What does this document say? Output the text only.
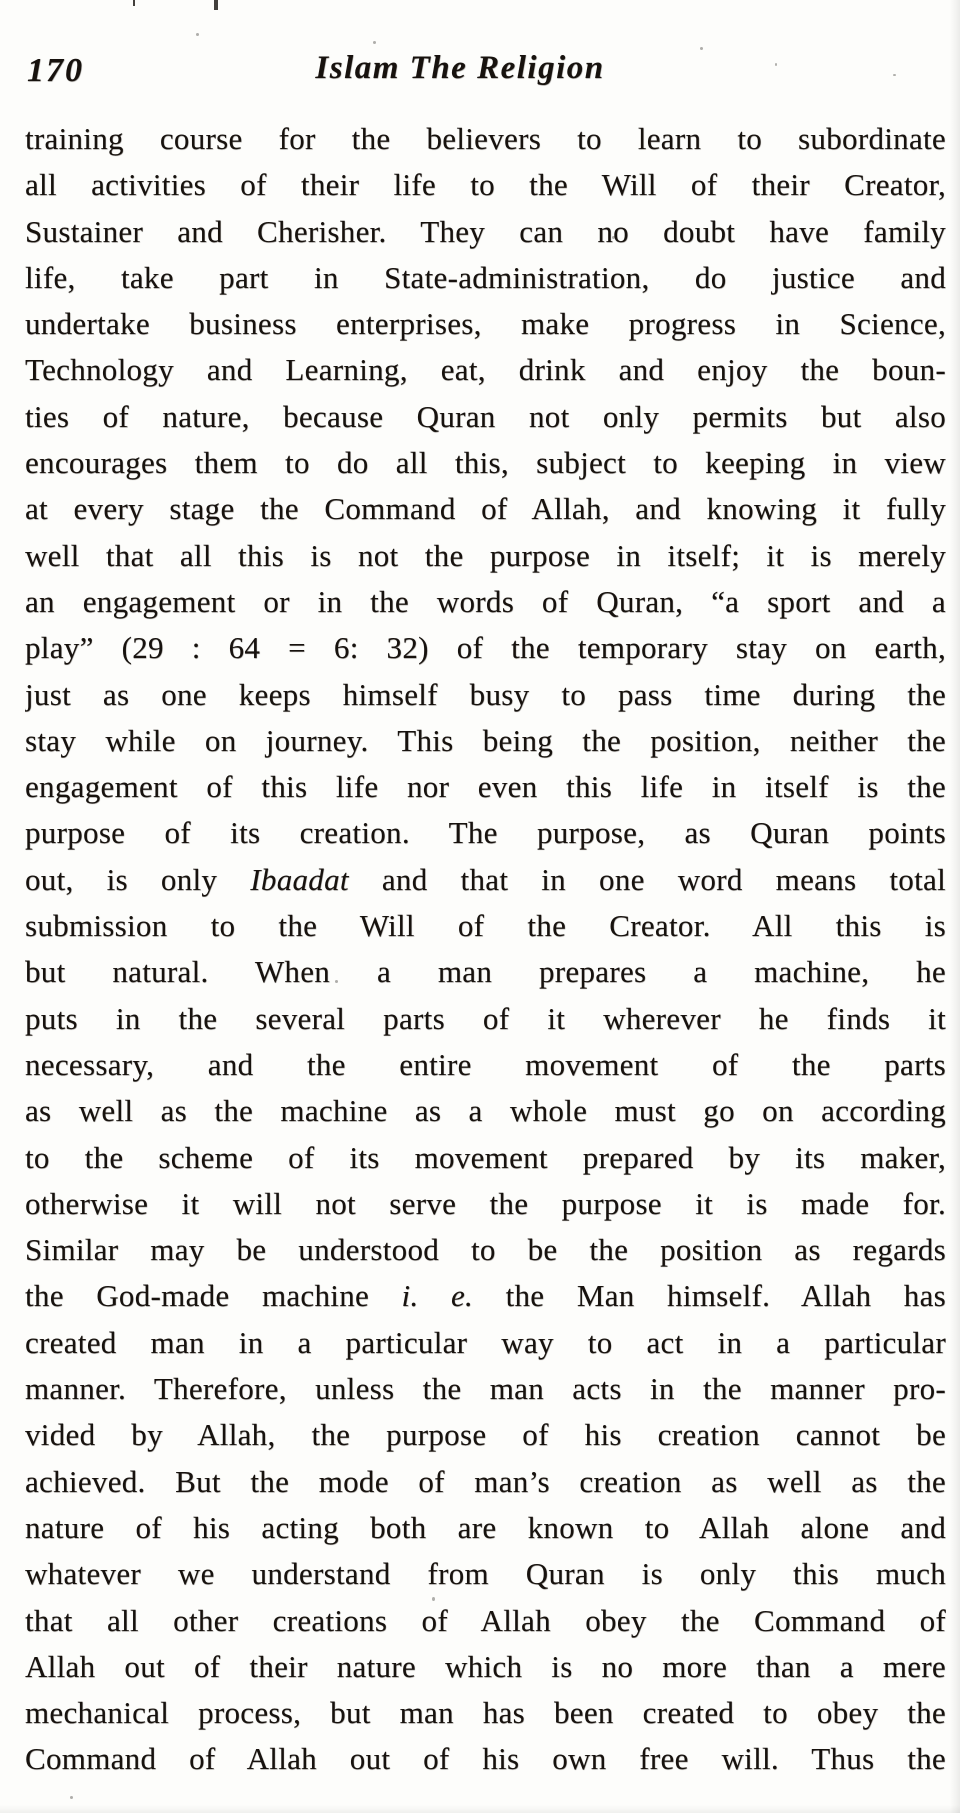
170	Islam The Religion
training course for the believers to learn to subordinate
all activities of their life to the Will of their Creator,
Sustainer and Cherisher. They can no doubt have family
life, take part in State-administration, do justice and
undertake business enterprises, make progress in Science,
Technology and Learning, eat, drink and enjoy the boun-
ties of nature, because Quran not only permits but also
encourages them to do all this, subject to keeping in view
at every stage the Command of Allah, and knowing it fully
well that all this is not the purpose in itself; it is merely
an engagement or in the words of Quran, “a sport and a
play” (29 : 64 = 6: 32) of the temporary stay on earth,
just as one keeps himself busy to pass time during the
stay while on journey. This being the position, neither the
engagement of this life nor even this life in itself is the
purpose of its creation. The purpose, as Quran points
out, is only Ibaadat and that in one word means total
submission to the Will of the Creator. All this is
but natural. When a man prepares a machine, he
puts in the several parts of it wherever he finds it
necessary, and the entire movement of the parts
as well as the machine as a whole must go on according
to the scheme of its movement prepared by its maker,
otherwise it will not serve the purpose it is made for.
Similar may be understood to be the position as regards
the God-made machine i. e. the Man himself. Allah has
created man in a particular way to act in a particular
manner. Therefore, unless the man acts in the manner pro-
vided by Allah, the purpose of his creation cannot be
achieved. But the mode of man’s creation as well as the
nature of his acting both are known to Allah alone and
whatever we understand from Quran is only this much
that all other creations of Allah obey the Command of
Allah out of their nature which is no more than a mere
mechanical process, but man has been created to obey the
Command of Allah out of his own free will. Thus the
